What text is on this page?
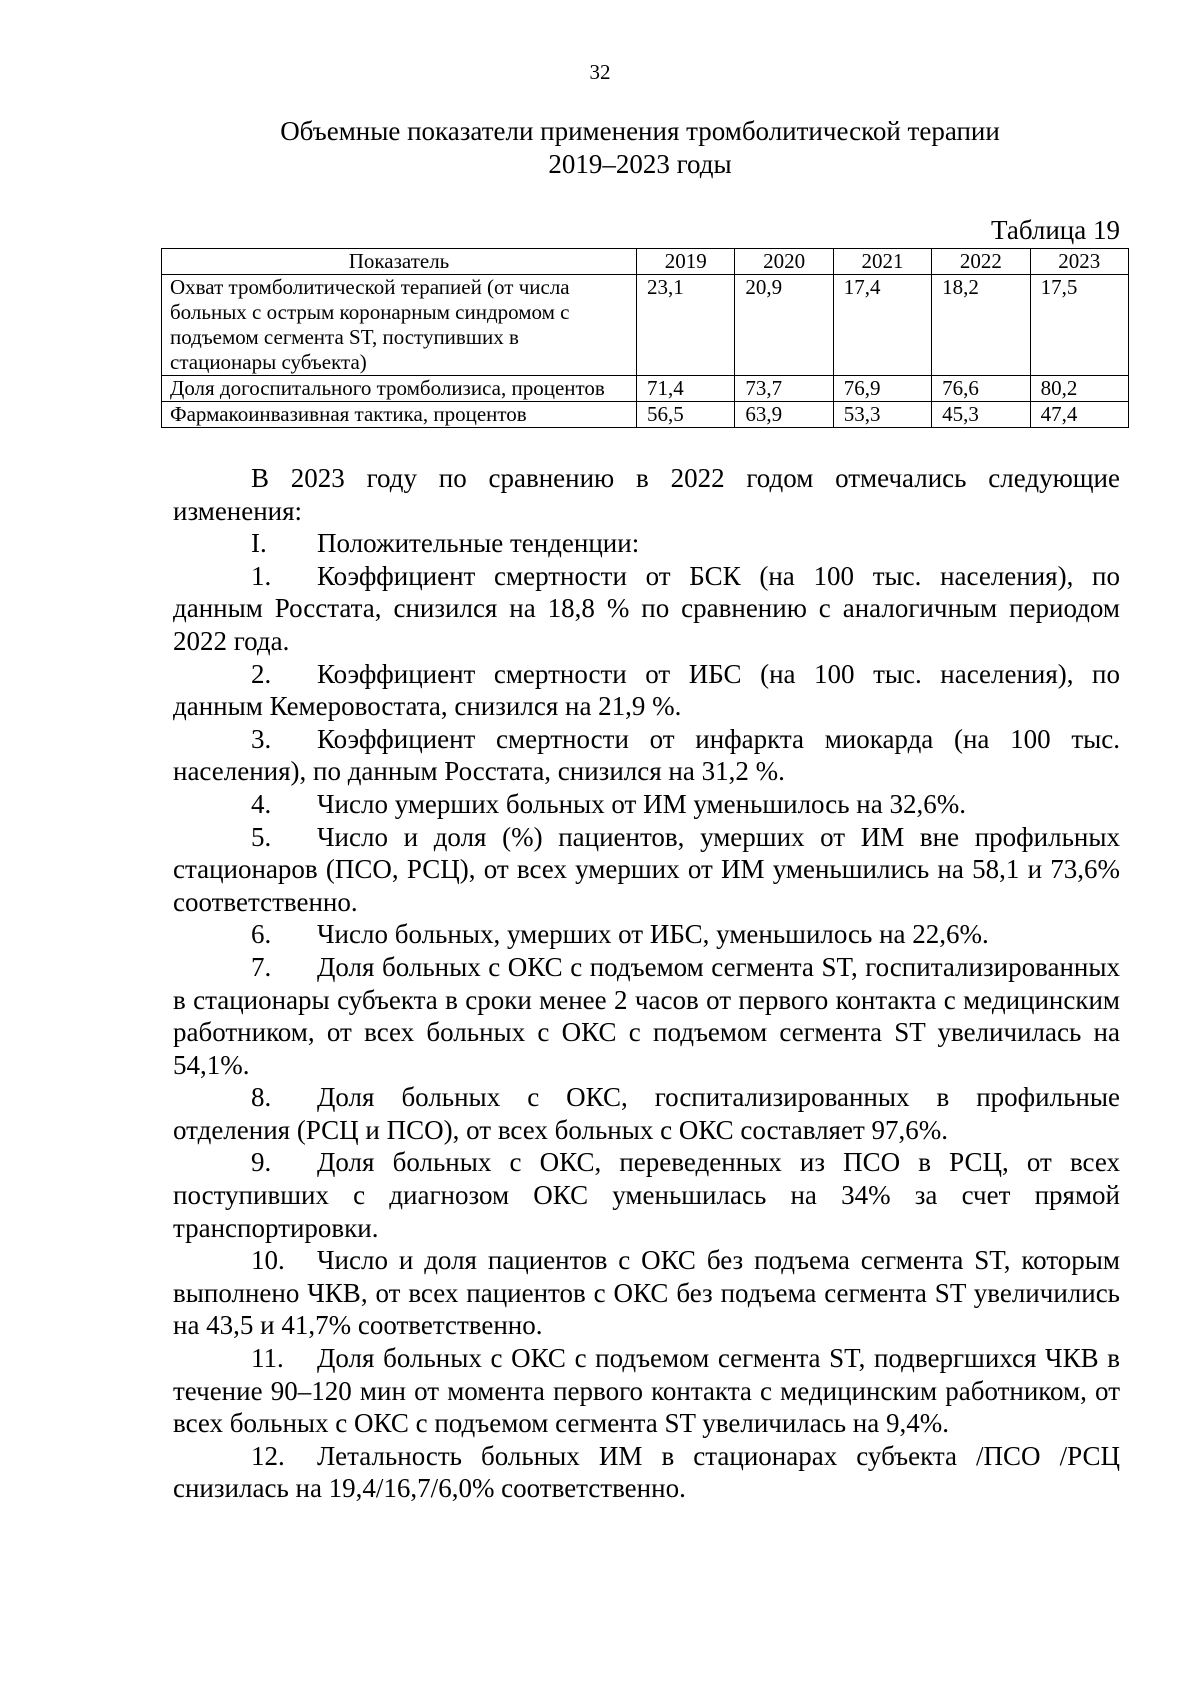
32
Объемные показатели применения тромболитической терапии
2019–2023 годы
Таблица 19
Показатель	2019	2020	2021	2022	2023
Охват тромболитической терапией (от числа больных с острым коронарным синдромом с подъемом сегмента ST, поступивших в стационары субъекта)	23,1	20,9	17,4	18,2	17,5
Доля догоспитального тромболизиса, процентов	71,4	73,7	76,9	76,6	80,2
Фармакоинвазивная тактика, процентов	56,5	63,9	53,3	45,3	47,4

В 2023 году по сравнению в 2022 годом отмечались следующие изменения:

I. Положительные тенденции:
1. Коэффициент смертности от БСК (на 100 тыс. населения), по данным Росстата, снизился на 18,8 % по сравнению с аналогичным периодом 2022 года.
2. Коэффициент смертности от ИБС (на 100 тыс. населения), по данным Кемеровостата, снизился на 21,9 %.
3. Коэффициент смертности от инфаркта миокарда (на 100 тыс. населения), по данным Росстата, снизился на 31,2 %.
4. Число умерших больных от ИМ уменьшилось на 32,6%.
5. Число и доля (%) пациентов, умерших от ИМ вне профильных стационаров (ПСО, РСЦ), от всех умерших от ИМ уменьшились на 58,1 и 73,6% соответственно.
6. Число больных, умерших от ИБС, уменьшилось на 22,6%.
7. Доля больных с ОКС с подъемом сегмента ST, госпитализированных в стационары субъекта в сроки менее 2 часов от первого контакта с медицинским работником, от всех больных с ОКС с подъемом сегмента ST увеличилась на 54,1%.
8. Доля больных с ОКС, госпитализированных в профильные отделения (РСЦ и ПСО), от всех больных с ОКС составляет 97,6%.
9. Доля больных с ОКС, переведенных из ПСО в РСЦ, от всех поступивших с диагнозом ОКС уменьшилась на 34% за счет прямой транспортировки.
10. Число и доля пациентов с ОКС без подъема сегмента ST, которым выполнено ЧКВ, от всех пациентов с ОКС без подъема сегмента ST увеличились на 43,5 и 41,7% соответственно.
11. Доля больных с ОКС с подъемом сегмента ST, подвергшихся ЧКВ в течение 90–120 мин от момента первого контакта с медицинским работником, от всех больных с ОКС с подъемом сегмента ST увеличилась на 9,4%.
12. Летальность больных ИМ в стационарах субъекта /ПСО /РСЦ снизилась на 19,4/16,7/6,0% соответственно.
